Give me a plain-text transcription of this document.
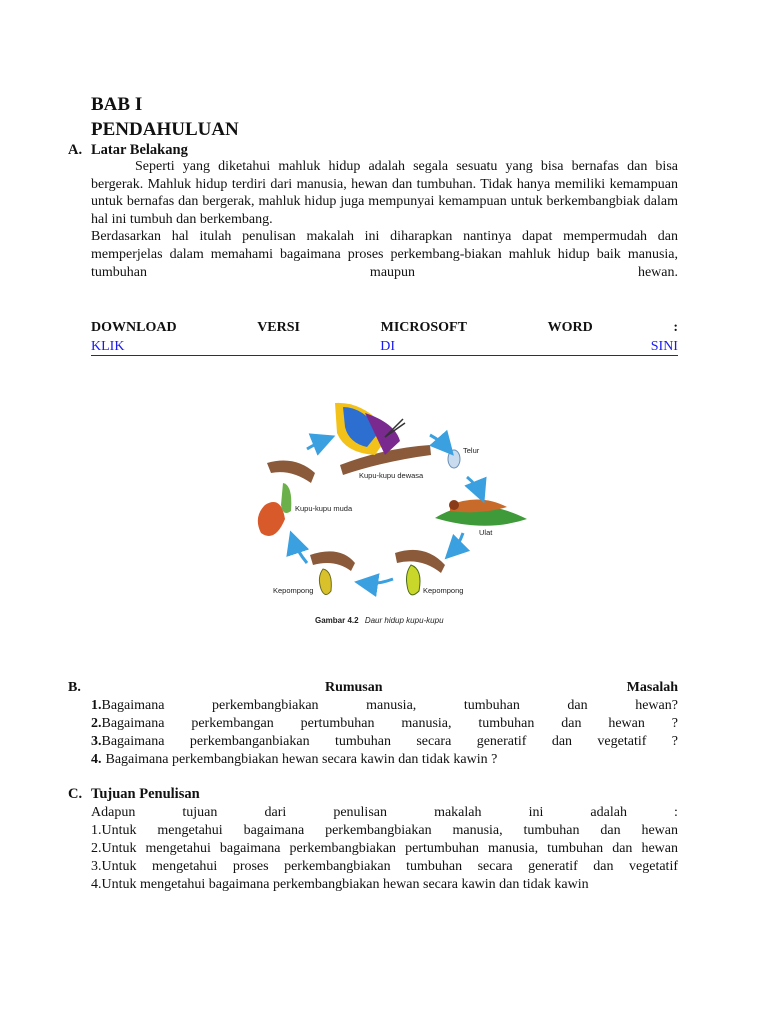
BAB I
PENDAHULUAN
A. Latar Belakang

Seperti yang diketahui mahluk hidup adalah segala sesuatu yang bisa bernafas dan bisa bergerak. Mahluk hidup terdiri dari manusia, hewan dan tumbuhan. Tidak hanya memiliki kemampuan untuk bernafas dan bergerak, mahluk hidup juga mempunyai kemampuan untuk berkembangbiak dalam hal ini tumbuh dan berkembang.

Berdasarkan hal itulah penulisan makalah ini diharapkan nantinya dapat mempermudah dan memperjelas dalam memahami bagaimana proses perkembang-biakan mahluk hidup baik manusia, tumbuhan maupun hewan.

DOWNLOAD	VERSI	MICROSOFT	WORD	:
KLIK	DI	SINI
Kupu-kupu dewasa
Telur
Ulat
Kepompong
Kepompong
Kupu-kupu muda
Gambar 4.2 Daur hidup kupu-kupu
B.	Rumusan	Masalah
1.Bagaimana	perkembangbiakan	manusia,	tumbuhan	dan	hewan?
2.Bagaimana perkembangan pertumbuhan manusia, tumbuhan dan hewan ?
3.Bagaimana perkembanganbiakan tumbuhan secara generatif dan vegetatif ?
4. Bagaimana perkembangbiakan hewan secara kawin dan tidak kawin ?
C. Tujuan Penulisan
Adapun	tujuan	dari	penulisan	makalah	ini	adalah	:
1.Untuk mengetahui bagaimana perkembangbiakan manusia, tumbuhan dan hewan
2.Untuk mengetahui bagaimana perkembangbiakan pertumbuhan manusia, tumbuhan dan hewan
3.Untuk mengetahui proses perkembangbiakan tumbuhan secara generatif dan vegetatif
4.Untuk mengetahui bagaimana perkembangbiakan hewan secara kawin dan tidak kawin
